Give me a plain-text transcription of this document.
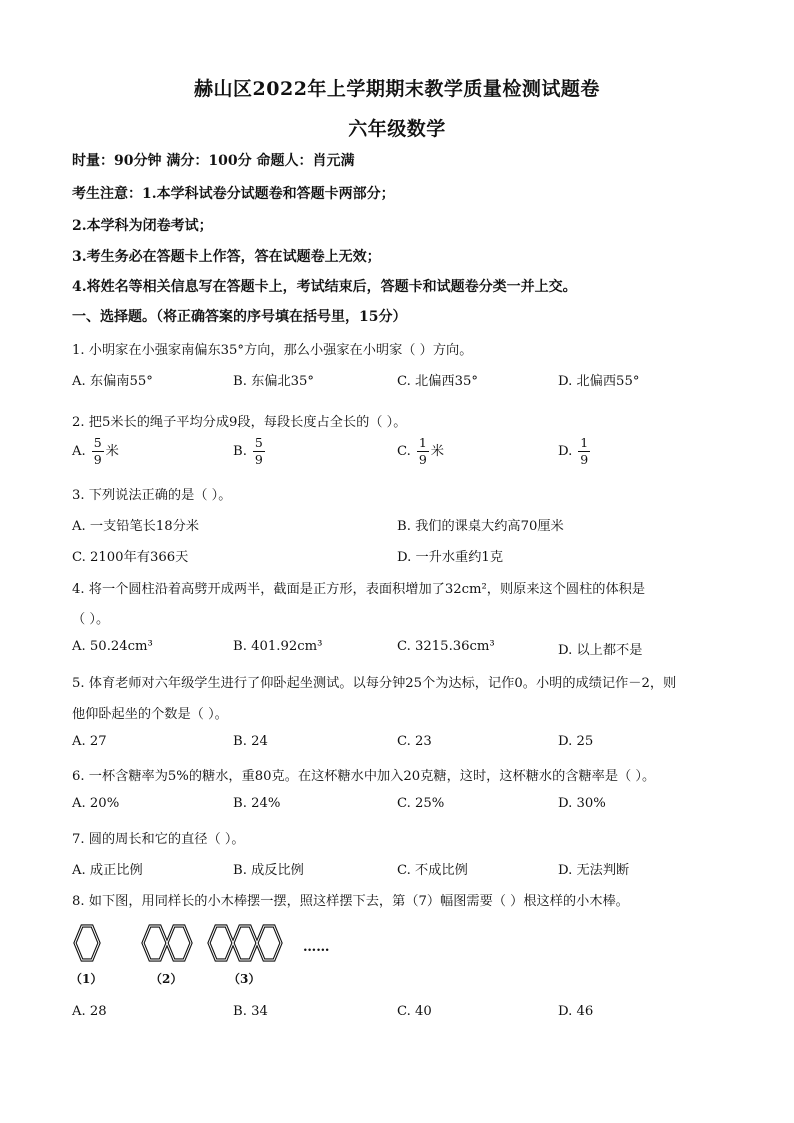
赫山区2022年上学期期末教学质量检测试题卷
六年级数学
时量：90分钟 满分：100分 命题人：肖元满
考生注意：1.本学科试卷分试题卷和答题卡两部分；
2.本学科为闭卷考试；
3.考生务必在答题卡上作答，答在试题卷上无效；
4.将姓名等相关信息写在答题卡上，考试结束后，答题卡和试题卷分类一并上交。
一、选择题。（将正确答案的序号填在括号里，15分）
1. 小明家在小强家南偏东35°方向，那么小强家在小明家（ ）方向。
A. 东偏南55°	B. 东偏北35°	C. 北偏西35°	D. 北偏西55°
2. 把5米长的绳子平均分成9段，每段长度占全长的（ ）。
A. $\frac{5}{9}$ 米	B. $\frac{5}{9}$	C. $\frac{1}{9}$ 米	D. $\frac{1}{9}$
3. 下列说法正确的是（ ）。
A. 一支铅笔长18分米	B. 我们的课桌大约高70厘米
C. 2100年有366天	D. 一升水重约1克
4. 将一个圆柱沿着高劈开成两半，截面是正方形，表面积增加了32cm²，则原来这个圆柱的体积是
（ ）。
A. 50.24cm³	B. 401.92cm³	C. 3215.36cm³	D. 以上都不是
5. 体育老师对六年级学生进行了仰卧起坐测试。以每分钟25个为达标，记作0。小明的成绩记作－2，则
他仰卧起坐的个数是（ ）。
A. 27	B. 24	C. 23	D. 25
6. 一杯含糖率为5%的糖水，重80克。在这杯糖水中加入20克糖，这时，这杯糖水的含糖率是（ ）。
A. 20%	B. 24%	C. 25%	D. 30%
7. 圆的周长和它的直径（ ）。
A. 成正比例	B. 成反比例	C. 不成比例	D. 无法判断
8. 如下图，用同样长的小木棒摆一摆，照这样摆下去，第（7）幅图需要（ ）根这样的小木棒。
（1）	（2）	（3）
……
A. 28	B. 34	C. 40	D. 46
